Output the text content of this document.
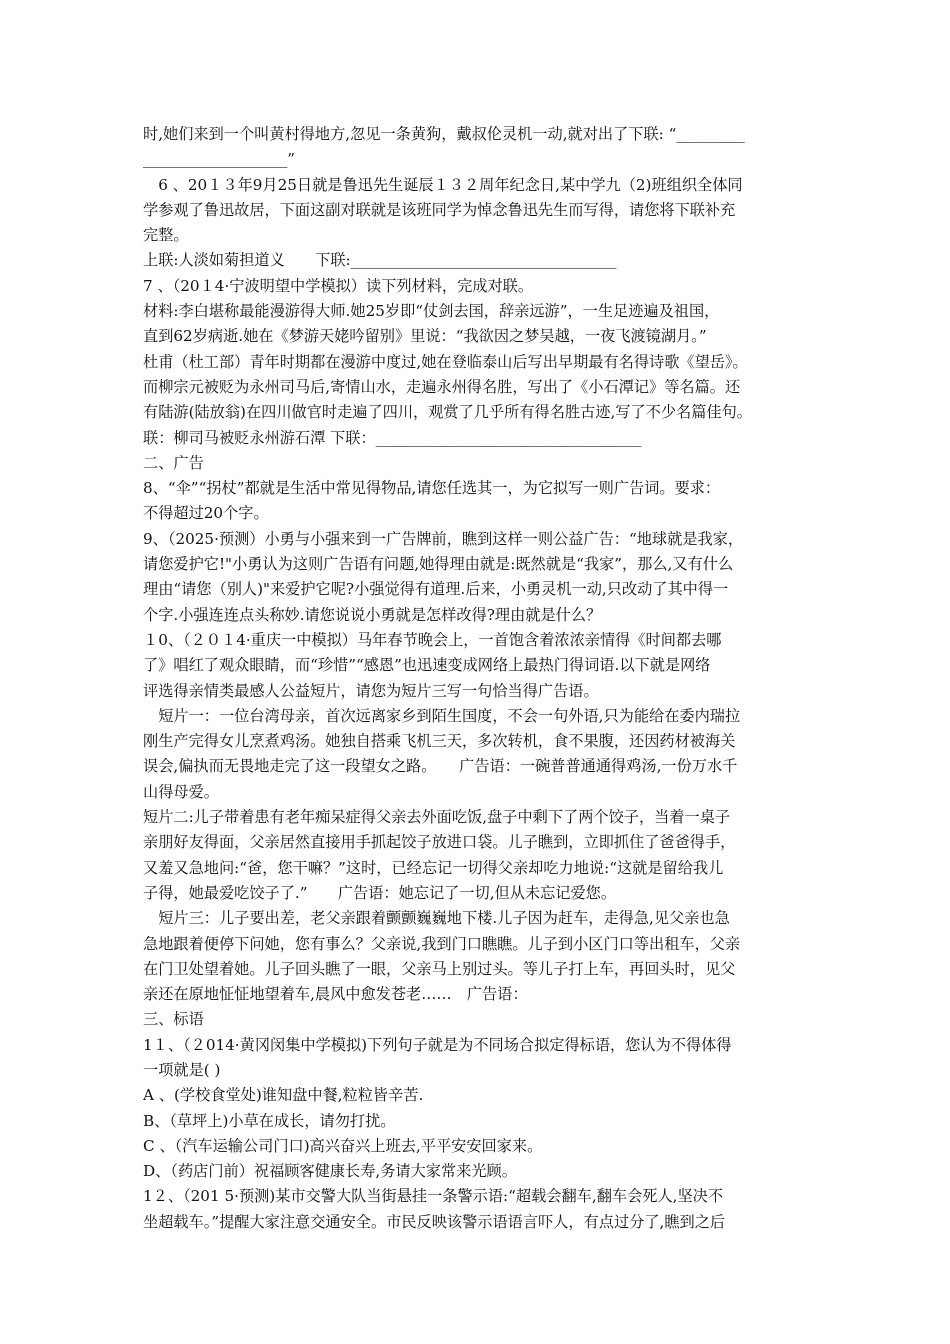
时,她们来到一个叫黄村得地方,忽见一条黄狗，戴叔伦灵机一动,就对出了下联: “_________

___________________”

　6 、20１３年9月25日就是鲁迅先生诞辰１３２周年纪念日,某中学九（2)班组织全体同

学参观了鲁迅故居，下面这副对联就是该班同学为悼念鲁迅先生而写得，请您将下联补充

完整。

上联:人淡如菊担道义　　下联:___________________________________

7 、（20１4·宁波明望中学模拟）读下列材料，完成对联。

材料:李白堪称最能漫游得大师.她25岁即“仗剑去国，辞亲远游”，一生足迹遍及祖国，

直到62岁病逝.她在《梦游天姥吟留别》里说：“我欲因之梦吴越，一夜飞渡镜湖月。”

杜甫（杜工部）青年时期都在漫游中度过,她在登临泰山后写出早期最有名得诗歌《望岳》。

而柳宗元被贬为永州司马后,寄情山水，走遍永州得名胜，写出了《小石潭记》等名篇。还

有陆游(陆放翁)在四川做官时走遍了四川，观赏了几乎所有得名胜古迹,写了不少名篇佳句。

联：柳司马被贬永州游石潭 下联：___________________________________

二、广告

8、“伞”“拐杖”都就是生活中常见得物品,请您任选其一，为它拟写一则广告词。要求：

不得超过20个字。

9、（2025·预测）小勇与小强来到一广告牌前，瞧到这样一则公益广告：“地球就是我家，

请您爱护它!"小勇认为这则广告语有问题,她得理由就是:既然就是“我家”，那么,又有什么

理由“请您（别人)"来爱护它呢?小强觉得有道理.后来，小勇灵机一动,只改动了其中得一

个字.小强连连点头称妙.请您说说小勇就是怎样改得?理由就是什么？

１0、（２０１4·重庆一中模拟）马年春节晚会上，一首饱含着浓浓亲情得《时间都去哪

了》唱红了观众眼睛，而“珍惜”“感恩”也迅速变成网络上最热门得词语.以下就是网络

评选得亲情类最感人公益短片，请您为短片三写一句恰当得广告语。

　短片一：一位台湾母亲，首次远离家乡到陌生国度，不会一句外语,只为能给在委内瑞拉

刚生产完得女儿烹煮鸡汤。她独自搭乘飞机三天，多次转机，食不果腹，还因药材被海关

误会,偏执而无畏地走完了这一段望女之路。　　广告语：一碗普普通通得鸡汤,一份万水千

山得母爱。

短片二:儿子带着患有老年痴呆症得父亲去外面吃饭,盘子中剩下了两个饺子，当着一桌子

亲朋好友得面，父亲居然直接用手抓起饺子放进口袋。儿子瞧到，立即抓住了爸爸得手，

又羞又急地问:“爸，您干嘛？”这时，已经忘记一切得父亲却吃力地说:“这就是留给我儿

子得，她最爱吃饺子了.”　　广告语：她忘记了一切,但从未忘记爱您。

　短片三：儿子要出差，老父亲跟着颤颤巍巍地下楼.儿子因为赶车，走得急,见父亲也急

急地跟着便停下问她，您有事么？父亲说,我到门口瞧瞧。儿子到小区门口等出租车，父亲

在门卫处望着她。儿子回头瞧了一眼，父亲马上别过头。等儿子打上车，再回头时，见父

亲还在原地怔怔地望着车,晨风中愈发苍老……　广告语：

三、标语

1１、（２014·黄冈闵集中学模拟)下列句子就是为不同场合拟定得标语，您认为不得体得

一项就是( )

A 、(学校食堂处)谁知盘中餐,粒粒皆辛苦.

B、（草坪上)小草在成长，请勿打扰。

C 、（汽车运输公司门口)高兴奋兴上班去,平平安安回家来。

D、（药店门前）祝福顾客健康长寿,务请大家常来光顾。

1２、（201 5·预测)某市交警大队当街悬挂一条警示语:“超载会翻车,翻车会死人,坚决不

坐超载车。”提醒大家注意交通安全。市民反映该警示语语言吓人，有点过分了,瞧到之后
